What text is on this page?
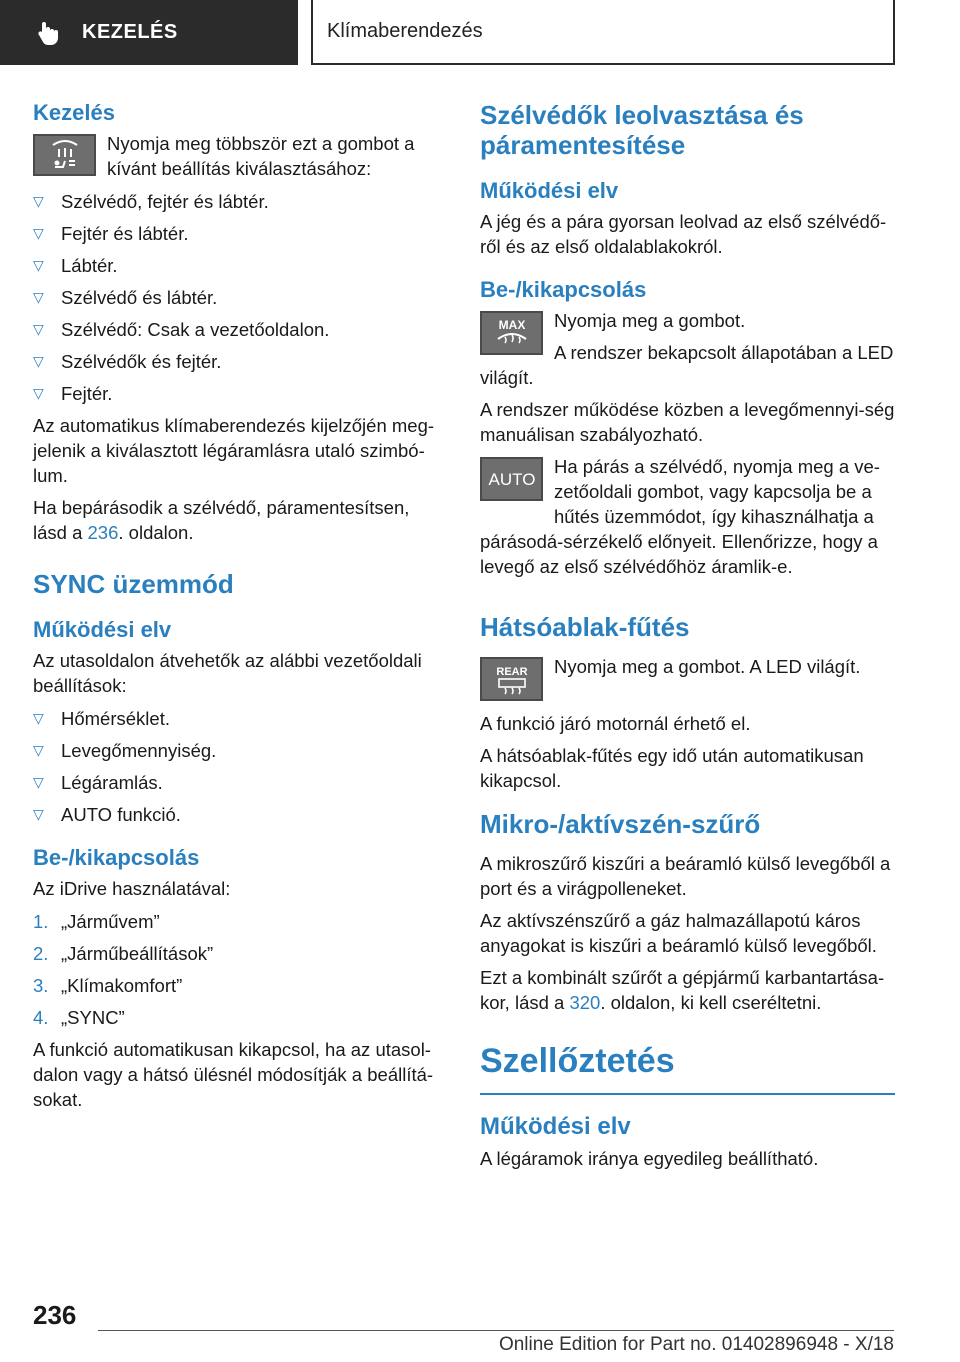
KEZELÉS	Klímaberendezés
Kezelés

Nyomja meg többször ezt a gombot a kívánt beállítás kiválasztásához:

▽ Szélvédő, fejtér és lábtér.
▽ Fejtér és lábtér.
▽ Lábtér.
▽ Szélvédő és lábtér.
▽ Szélvédő: Csak a vezetőoldalon.
▽ Szélvédők és fejtér.
▽ Fejtér.

Az automatikus klímaberendezés kijelzőjén meg-jelenik a kiválasztott légáramlásra utaló szimbó-lum.

Ha bepárásodik a szélvédő, páramentesítsen, lásd a 236. oldalon.

SYNC üzemmód
Működési elv

Az utasoldalon átvehetők az alábbi vezetőoldali beállítások:

▽ Hőmérséklet.
▽ Levegőmennyiség.
▽ Légáramlás.
▽ AUTO funkció.
Be-/kikapcsolás

Az iDrive használatával:

1. „Járművem”
2. „Járműbeállítások”
3. „Klímakomfort”
4. „SYNC”

A funkció automatikusan kikapcsol, ha az utasol-dalon vagy a hátsó ülésnél módosítják a beállítá-sokat.

Szélvédők leolvasztása és páramentesítése
Működési elv

A jég és a pára gyorsan leolvad az első szélvédő-ről és az első oldalablakokról.

Be-/kikapcsolás
MAX	Nyomja meg a gombot.

A rendszer bekapcsolt állapotában a LED világít.

A rendszer működése közben a levegőmennyi-ség manuálisan szabályozható.

AUTO

Ha párás a szélvédő, nyomja meg a ve-zetőoldali gombot, vagy kapcsolja be a hűtés üzemmódot, így kihasználhatja a párásodá-sérzékelő előnyeit. Ellenőrizze, hogy a levegő az első szélvédőhöz áramlik-e.

Hátsóablak-fűtés
REAR	Nyomja meg a gombot. A LED világít.

A funkció járó motornál érhető el.

A hátsóablak-fűtés egy idő után automatikusan kikapcsol.

Mikro-/aktívszén-szűrő

A mikroszűrő kiszűri a beáramló külső levegőből a port és a virágpolleneket.

Az aktívszénszűrő a gáz halmazállapotú káros anyagokat is kiszűri a beáramló külső levegőből.

Ezt a kombinált szűrőt a gépjármű karbantartása-kor, lásd a 320. oldalon, ki kell cseréltetni.

Szellőztetés
Működési elv

A légáramok iránya egyedileg beállítható.

236
Online Edition for Part no. 01402896948 - X/18
